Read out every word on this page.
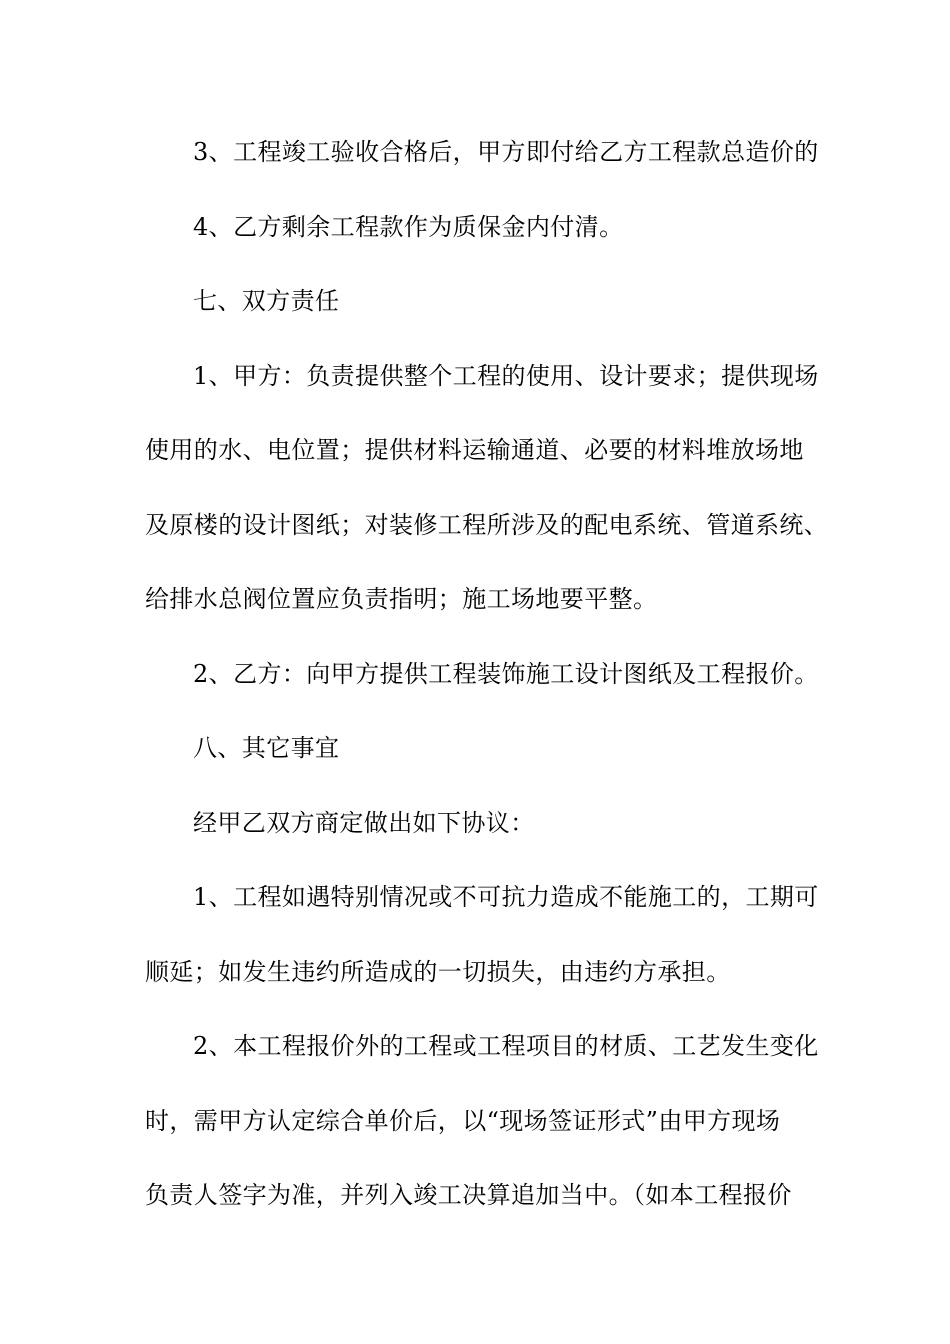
3、工程竣工验收合格后，甲方即付给乙方工程款总造价的
4、乙方剩余工程款作为质保金内付清。
七、双方责任
1、甲方：负责提供整个工程的使用、设计要求；提供现场
使用的水、电位置；提供材料运输通道、必要的材料堆放场地
及原楼的设计图纸；对装修工程所涉及的配电系统、管道系统、
给排水总阀位置应负责指明；施工场地要平整。
2、乙方：向甲方提供工程装饰施工设计图纸及工程报价。
八、其它事宜
经甲乙双方商定做出如下协议：
1、工程如遇特别情况或不可抗力造成不能施工的，工期可
顺延；如发生违约所造成的一切损失，由违约方承担。
2、本工程报价外的工程或工程项目的材质、工艺发生变化
时，需甲方认定综合单价后，以“现场签证形式”由甲方现场
负责人签字为准，并列入竣工决算追加当中。（如本工程报价
